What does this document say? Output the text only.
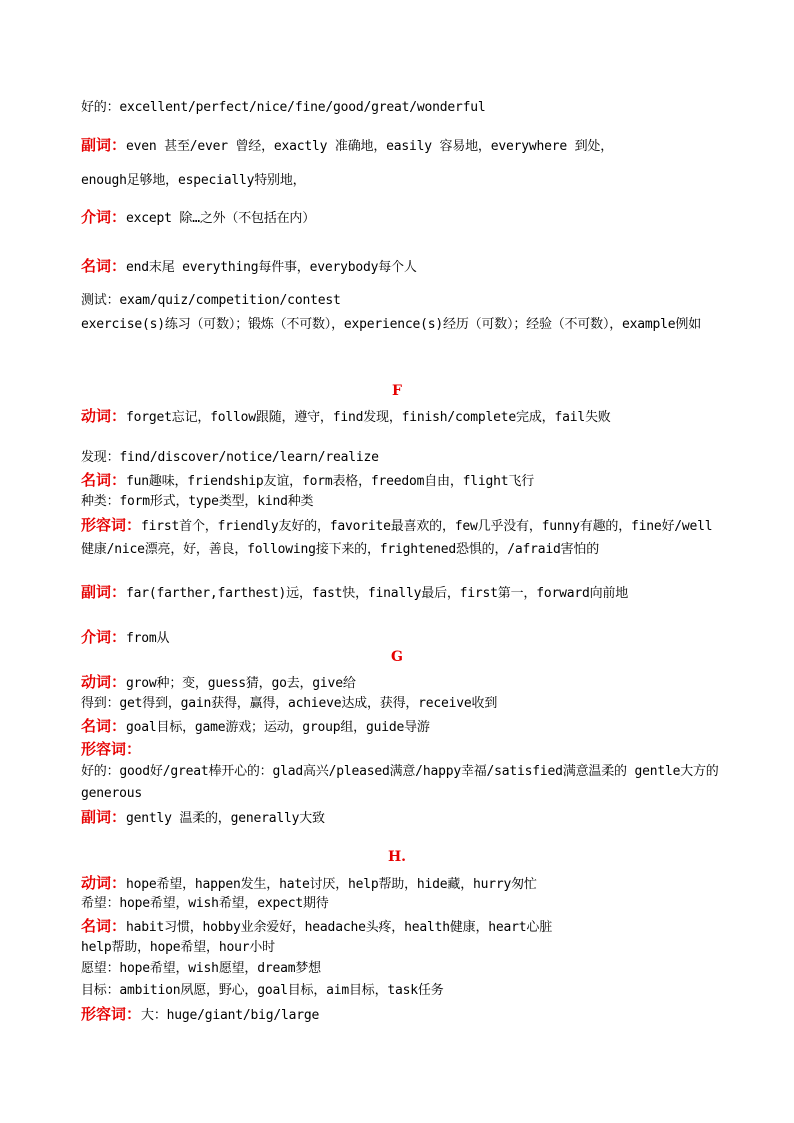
好的：excellent/perfect/nice/fine/good/great/wonderful
副词：even 甚至/ever 曾经，exactly 准确地，easily 容易地，everywhere 到处，
enough足够地，especially特别地，
介词：except 除…之外（不包括在内）
名词：end末尾 everything每件事，everybody每个人
测试：exam/quiz/competition/contest
exercise(s)练习（可数）；锻炼（不可数），experience(s)经历（可数）；经验（不可数），example例如
F
动词：forget忘记，follow跟随，遵守，find发现，finish/complete完成，fail失败
发现：find/discover/notice/learn/realize
名词：fun趣味，friendship友谊，form表格，freedom自由，flight飞行
种类：form形式，type类型，kind种类
形容词：first首个，friendly友好的，favorite最喜欢的，few几乎没有，funny有趣的，fine好/well健康/nice漂亮，好，善良，following接下来的，frightened恐惧的，/afraid害怕的
副词：far(farther,farthest)远，fast快，finally最后，first第一，forward向前地
介词：from从
G
动词：grow种；变，guess猜，go去，give给
得到：get得到，gain获得，赢得，achieve达成，获得，receive收到
名词：goal目标，game游戏；运动，group组，guide导游
形容词：
好的：good好/great棒开心的：glad高兴/pleased满意/happy幸福/satisfied满意温柔的 gentle大方的 generous
副词：gently 温柔的，generally大致
H.
动词：hope希望，happen发生，hate讨厌，help帮助，hide藏，hurry匆忙
希望：hope希望，wish希望，expect期待
名词：habit习惯，hobby业余爱好，headache头疼，health健康，heart心脏
help帮助，hope希望，hour小时
愿望：hope希望，wish愿望，dream梦想
目标：ambition夙愿，野心，goal目标，aim目标，task任务
形容词：大：huge/giant/big/large
